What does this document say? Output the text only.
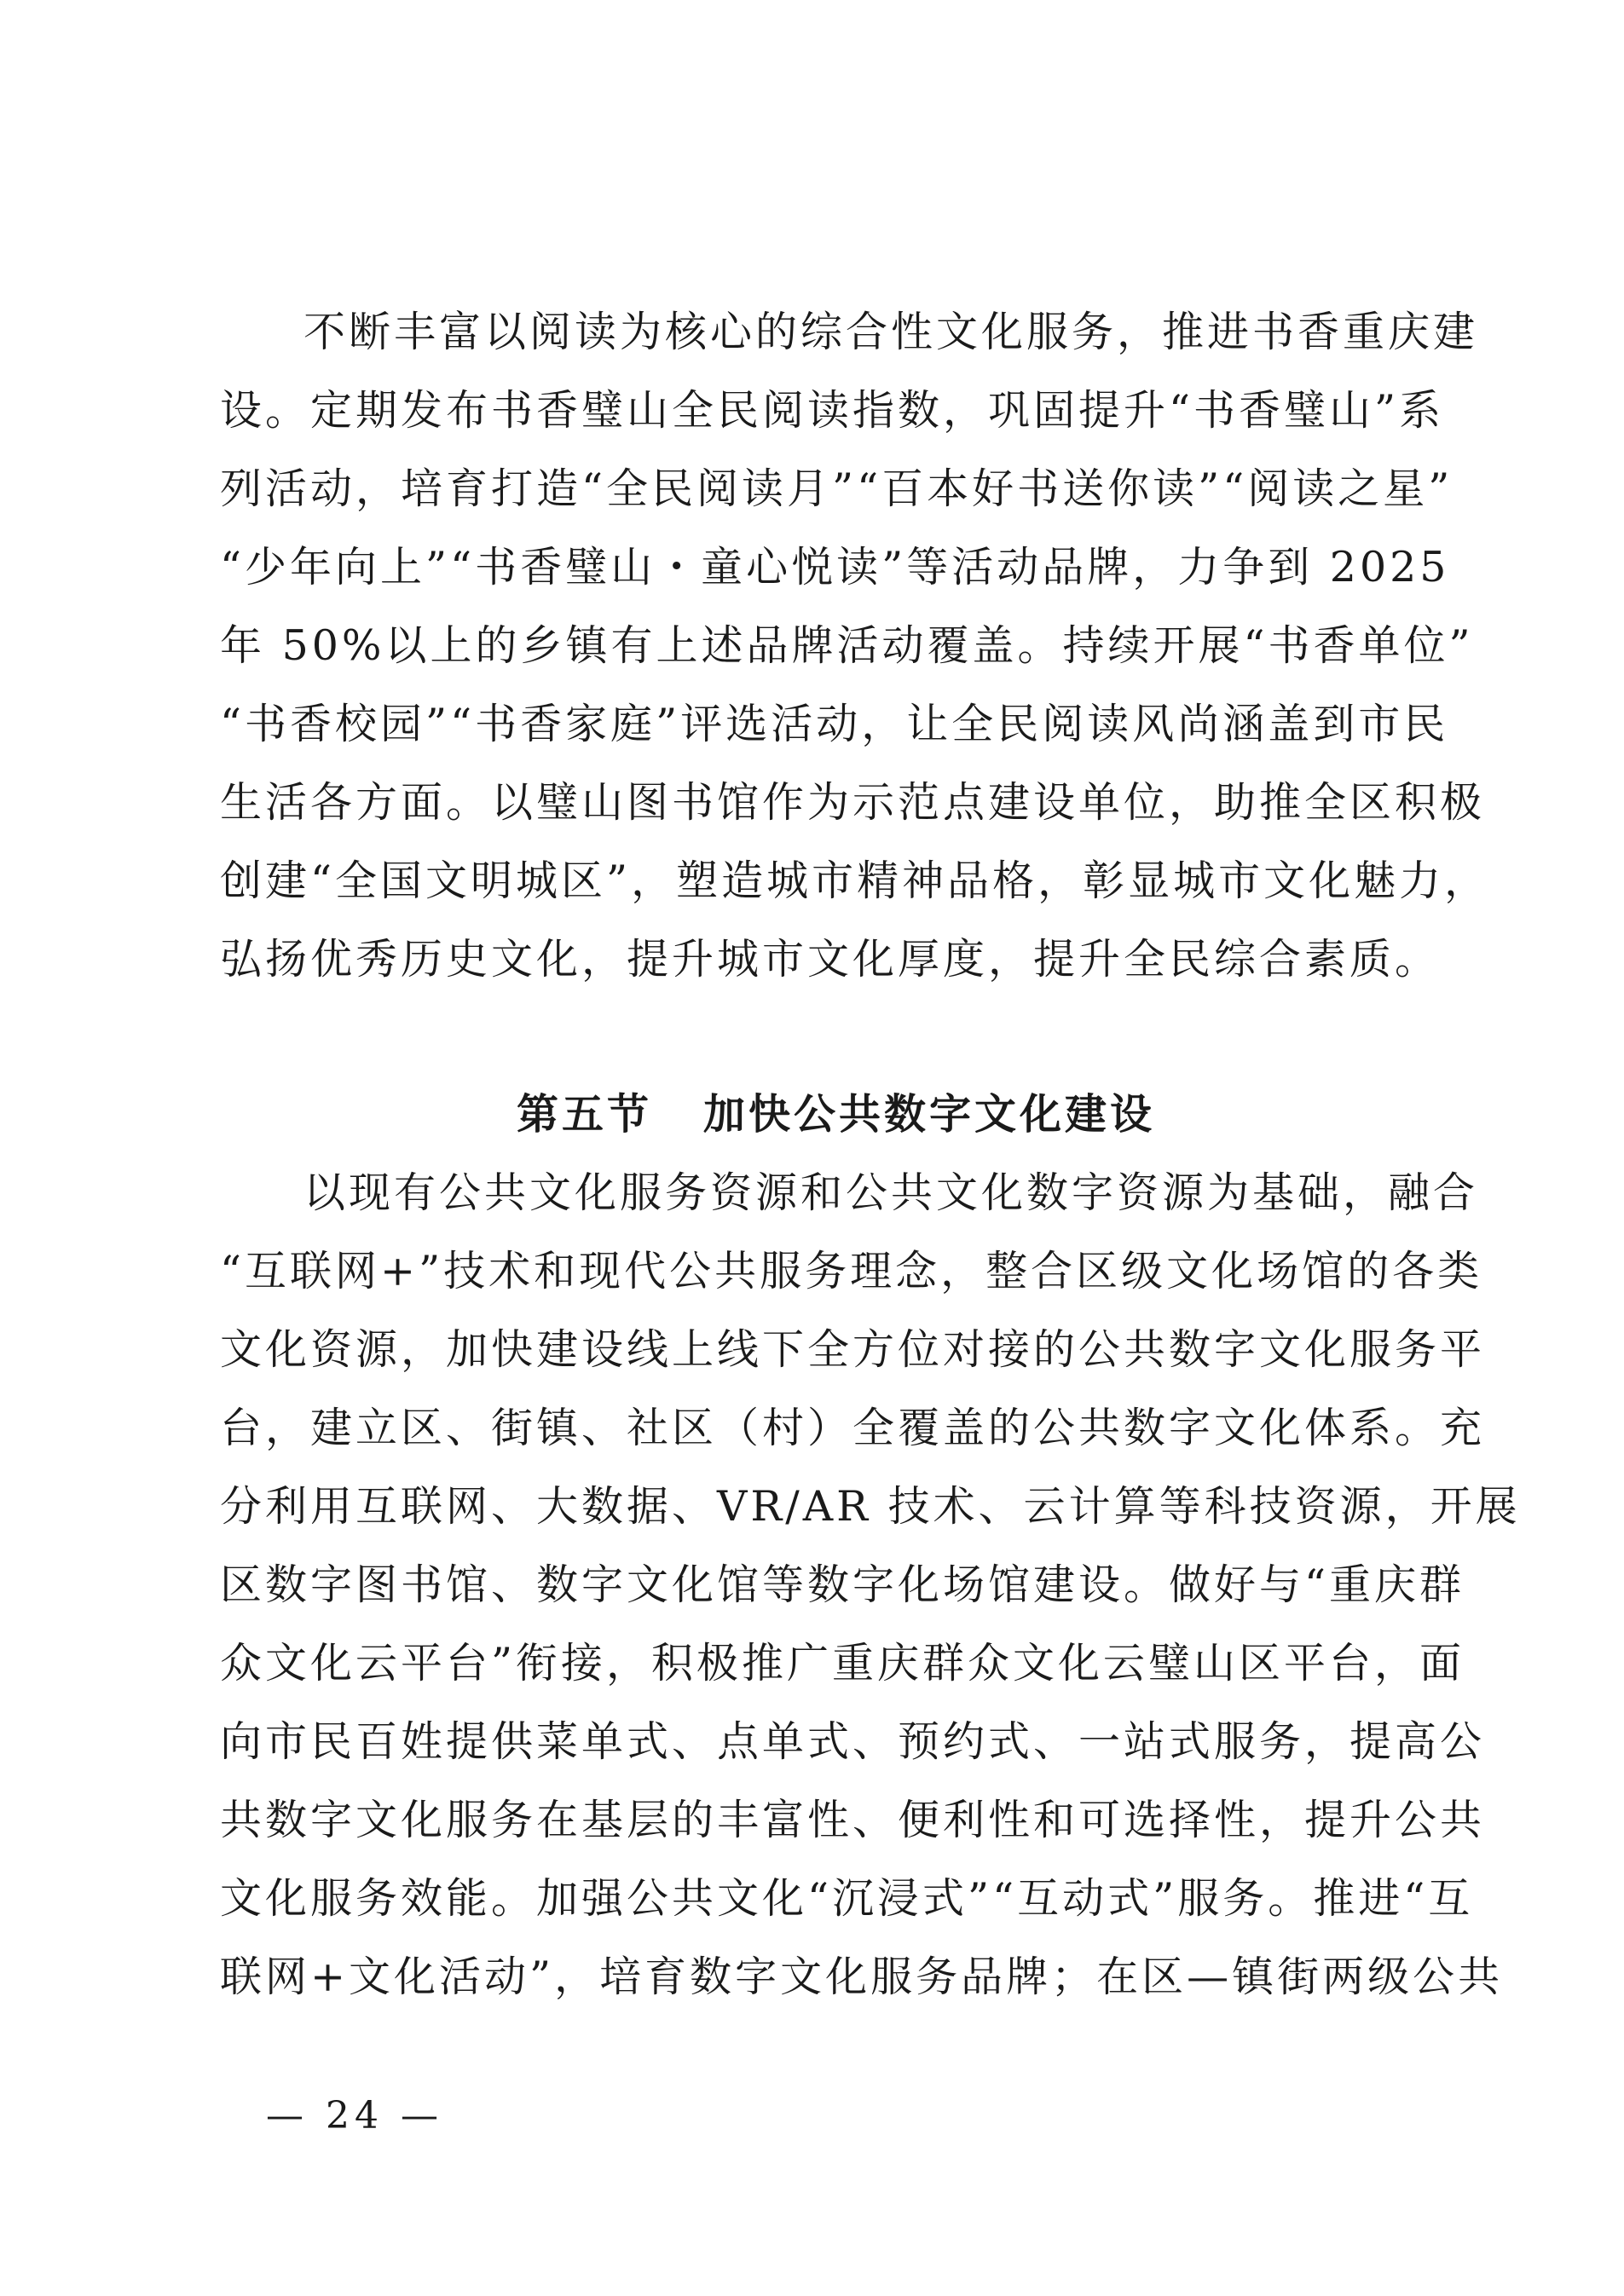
不断丰富以阅读为核心的综合性文化服务，推进书香重庆建
设。定期发布书香璧山全民阅读指数，巩固提升“书香璧山”系
列活动，培育打造“全民阅读月”“百本好书送你读”“阅读之星”
“少年向上”“书香璧山・童心悦读”等活动品牌，力争到 2025
年 50%以上的乡镇有上述品牌活动覆盖。持续开展“书香单位”
“书香校园”“书香家庭”评选活动，让全民阅读风尚涵盖到市民
生活各方面。以璧山图书馆作为示范点建设单位，助推全区积极
创建“全国文明城区”，塑造城市精神品格，彰显城市文化魅力，
弘扬优秀历史文化，提升城市文化厚度，提升全民综合素质。
第五节 加快公共数字文化建设
以现有公共文化服务资源和公共文化数字资源为基础，融合
“互联网+”技术和现代公共服务理念，整合区级文化场馆的各类
文化资源，加快建设线上线下全方位对接的公共数字文化服务平
台，建立区、街镇、社区（村）全覆盖的公共数字文化体系。充
分利用互联网、大数据、VR/AR 技术、云计算等科技资源，开展
区数字图书馆、数字文化馆等数字化场馆建设。做好与“重庆群
众文化云平台”衔接，积极推广重庆群众文化云璧山区平台，面
向市民百姓提供菜单式、点单式、预约式、一站式服务，提高公
共数字文化服务在基层的丰富性、便利性和可选择性，提升公共
文化服务效能。加强公共文化“沉浸式”“互动式”服务。推进“互
联网+文化活动”，培育数字文化服务品牌；在区—镇街两级公共
— 24 —
